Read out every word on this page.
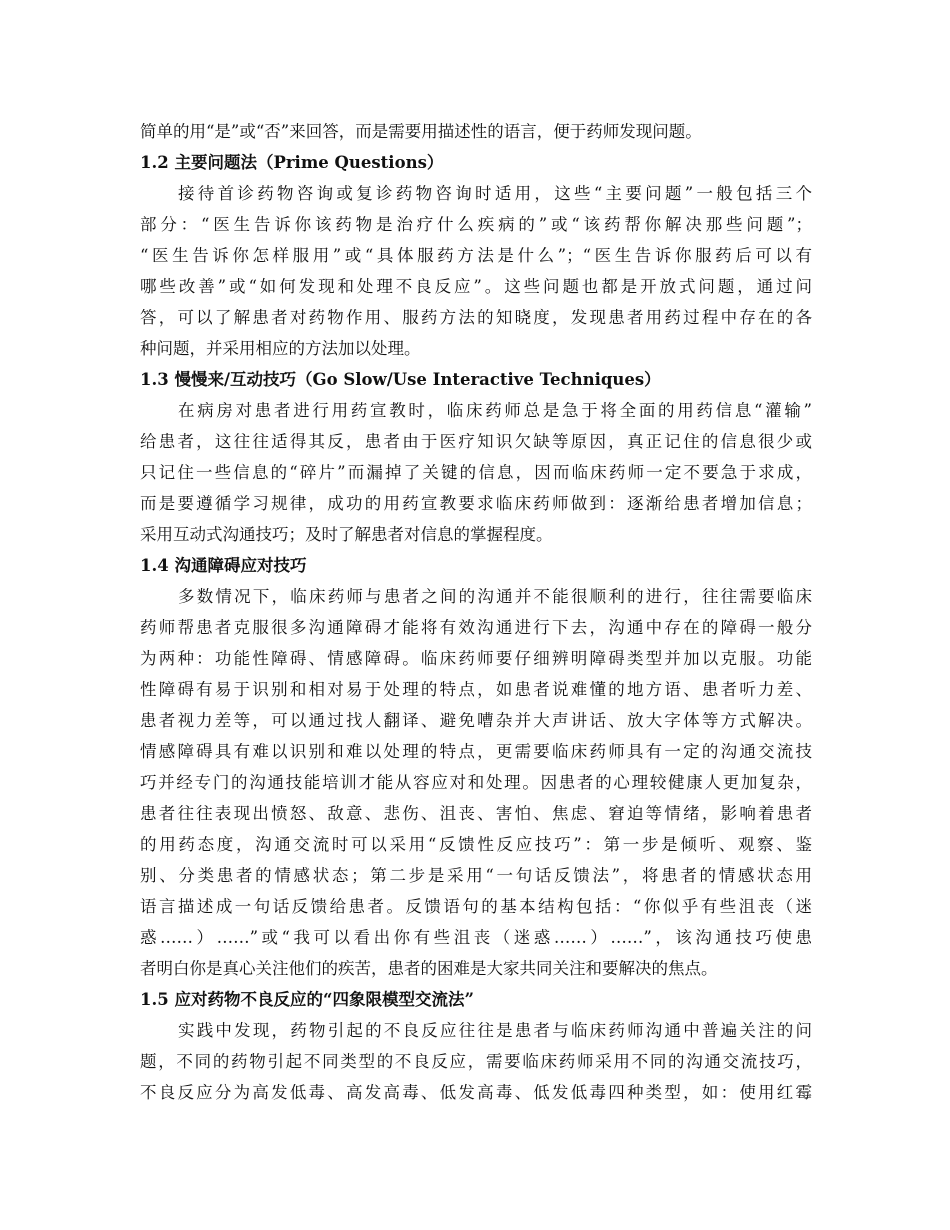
简单的用“是”或“否”来回答，而是需要用描述性的语言，便于药师发现问题。
1.2 主要问题法（Prime Questions）
接待首诊药物咨询或复诊药物咨询时适用，这些“主要问题”一般包括三个
部分：“医生告诉你该药物是治疗什么疾病的”或“该药帮你解决那些问题”；
“医生告诉你怎样服用”或“具体服药方法是什么”；“医生告诉你服药后可以有
哪些改善”或“如何发现和处理不良反应”。这些问题也都是开放式问题，通过问
答，可以了解患者对药物作用、服药方法的知晓度，发现患者用药过程中存在的各
种问题，并采用相应的方法加以处理。
1.3 慢慢来/互动技巧（Go Slow/Use Interactive Techniques）
在病房对患者进行用药宣教时，临床药师总是急于将全面的用药信息“灌输”
给患者，这往往适得其反，患者由于医疗知识欠缺等原因，真正记住的信息很少或
只记住一些信息的“碎片”而漏掉了关键的信息，因而临床药师一定不要急于求成，
而是要遵循学习规律，成功的用药宣教要求临床药师做到：逐渐给患者增加信息；
采用互动式沟通技巧；及时了解患者对信息的掌握程度。
1.4 沟通障碍应对技巧
多数情况下，临床药师与患者之间的沟通并不能很顺利的进行，往往需要临床
药师帮患者克服很多沟通障碍才能将有效沟通进行下去，沟通中存在的障碍一般分
为两种：功能性障碍、情感障碍。临床药师要仔细辨明障碍类型并加以克服。功能
性障碍有易于识别和相对易于处理的特点，如患者说难懂的地方语、患者听力差、
患者视力差等，可以通过找人翻译、避免嘈杂并大声讲话、放大字体等方式解决。
情感障碍具有难以识别和难以处理的特点，更需要临床药师具有一定的沟通交流技
巧并经专门的沟通技能培训才能从容应对和处理。因患者的心理较健康人更加复杂，
患者往往表现出愤怒、敌意、悲伤、沮丧、害怕、焦虑、窘迫等情绪，影响着患者
的用药态度，沟通交流时可以采用“反馈性反应技巧”：第一步是倾听、观察、鉴
别、分类患者的情感状态；第二步是采用“一句话反馈法”，将患者的情感状态用
语言描述成一句话反馈给患者。反馈语句的基本结构包括：“你似乎有些沮丧（迷
惑……）……”或“我可以看出你有些沮丧（迷惑……）……”，该沟通技巧使患
者明白你是真心关注他们的疾苦，患者的困难是大家共同关注和要解决的焦点。
1.5 应对药物不良反应的“四象限模型交流法”
实践中发现，药物引起的不良反应往往是患者与临床药师沟通中普遍关注的问
题，不同的药物引起不同类型的不良反应，需要临床药师采用不同的沟通交流技巧，
不良反应分为高发低毒、高发高毒、低发高毒、低发低毒四种类型，如：使用红霉
